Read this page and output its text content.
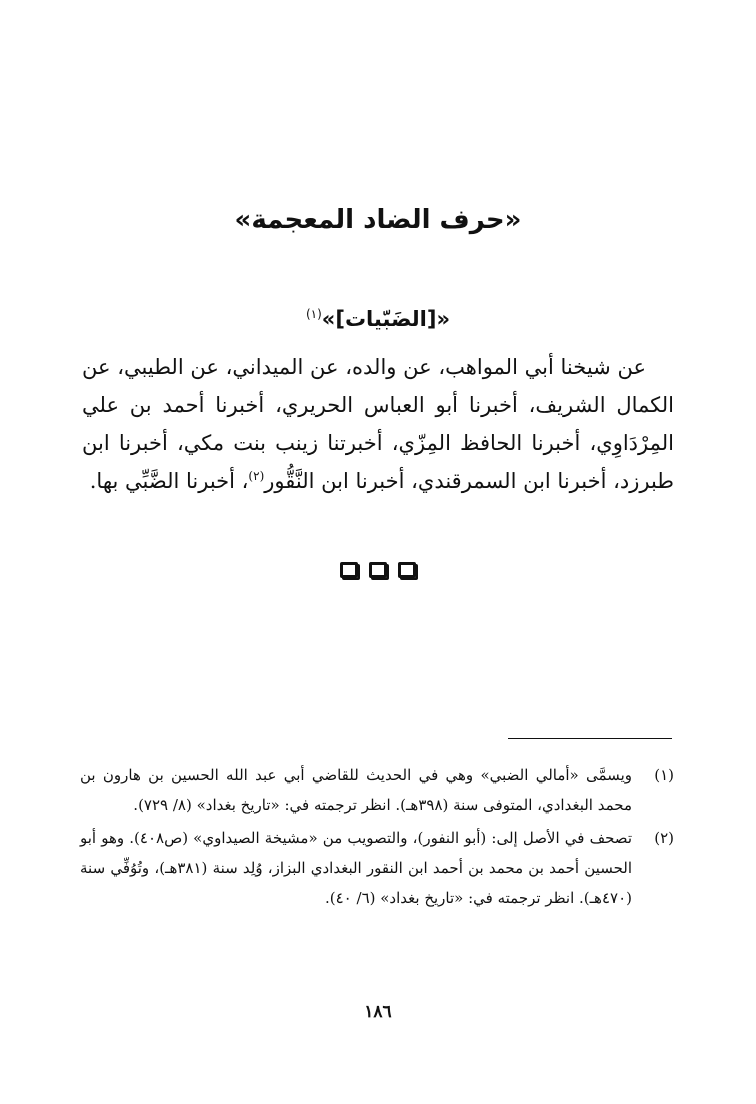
«حرف الضاد المعجمة»
«[الضَبّيات]»$^{(١)}$

عن شيخنا أبي المواهب، عن والده، عن الميداني، عن الطيبي، عن الكمال الشريف، أخبرنا أبو العباس الحريري، أخبرنا أحمد بن علي المِرْدَاوِي، أخبرنا الحافظ المِزّي، أخبرتنا زينب بنت مكي، أخبرنا ابن طبرزد، أخبرنا ابن السمرقندي، أخبرنا ابن النَّقُّور$^{(٢)}$، أخبرنا الضَّبِّي بها.

(١)
ويسمَّى «أمالي الضبي» وهي في الحديث للقاضي أبي عبد الله الحسين بن هارون بن محمد البغدادي، المتوفى سنة (٣٩٨هـ). انظر ترجمته في: «تاريخ بغداد» (٨/ ٧٢٩).
(٢)
تصحف في الأصل إلى: (أبو النفور)، والتصويب من «مشيخة الصيداوي» (ص٤٠٨). وهو أبو الحسين أحمد بن محمد بن أحمد ابن النقور البغدادي البزاز، وُلِد سنة (٣٨١هـ)، وتُوُفِّي سنة (٤٧٠هـ). انظر ترجمته في: «تاريخ بغداد» (٦/ ٤٠).
١٨٦
